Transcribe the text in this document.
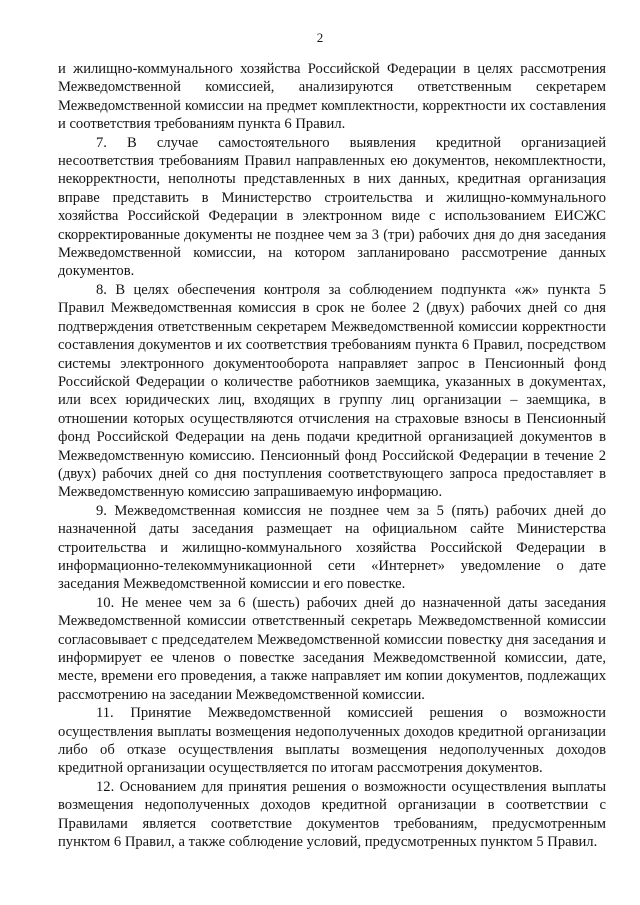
2

и жилищно-коммунального хозяйства Российской Федерации в целях рассмотрения Межведомственной комиссией, анализируются ответственным секретарем Межведомственной комиссии на предмет комплектности, корректности их составления и соответствия требованиям пункта 6 Правил.

7. В случае самостоятельного выявления кредитной организацией несоответствия требованиям Правил направленных ею документов, некомплектности, некорректности, неполноты представленных в них данных, кредитная организация вправе представить в Министерство строительства и жилищно-коммунального хозяйства Российской Федерации в электронном виде с использованием ЕИСЖС скорректированные документы не позднее чем за 3 (три) рабочих дня до дня заседания Межведомственной комиссии, на котором запланировано рассмотрение данных документов.

8. В целях обеспечения контроля за соблюдением подпункта «ж» пункта 5 Правил Межведомственная комиссия в срок не более 2 (двух) рабочих дней со дня подтверждения ответственным секретарем Межведомственной комиссии корректности составления документов и их соответствия требованиям пункта 6 Правил, посредством системы электронного документооборота направляет запрос в Пенсионный фонд Российской Федерации о количестве работников заемщика, указанных в документах, или всех юридических лиц, входящих в группу лиц организации – заемщика, в отношении которых осуществляются отчисления на страховые взносы в Пенсионный фонд Российской Федерации на день подачи кредитной организацией документов в Межведомственную комиссию. Пенсионный фонд Российской Федерации в течение 2 (двух) рабочих дней со дня поступления соответствующего запроса предоставляет в Межведомственную комиссию запрашиваемую информацию.

9. Межведомственная комиссия не позднее чем за 5 (пять) рабочих дней до назначенной даты заседания размещает на официальном сайте Министерства строительства и жилищно-коммунального хозяйства Российской Федерации в информационно-телекоммуникационной сети «Интернет» уведомление о дате заседания Межведомственной комиссии и его повестке.

10. Не менее чем за 6 (шесть) рабочих дней до назначенной даты заседания Межведомственной комиссии ответственный секретарь Межведомственной комиссии согласовывает с председателем Межведомственной комиссии повестку дня заседания и информирует ее членов о повестке заседания Межведомственной комиссии, дате, месте, времени его проведения, а также направляет им копии документов, подлежащих рассмотрению на заседании Межведомственной комиссии.

11. Принятие Межведомственной комиссией решения о возможности осуществления выплаты возмещения недополученных доходов кредитной организации либо об отказе осуществления выплаты возмещения недополученных доходов кредитной организации осуществляется по итогам рассмотрения документов.

12. Основанием для принятия решения о возможности осуществления выплаты возмещения недополученных доходов кредитной организации в соответствии с Правилами является соответствие документов требованиям, предусмотренным пунктом 6 Правил, а также соблюдение условий, предусмотренных пунктом 5 Правил.
